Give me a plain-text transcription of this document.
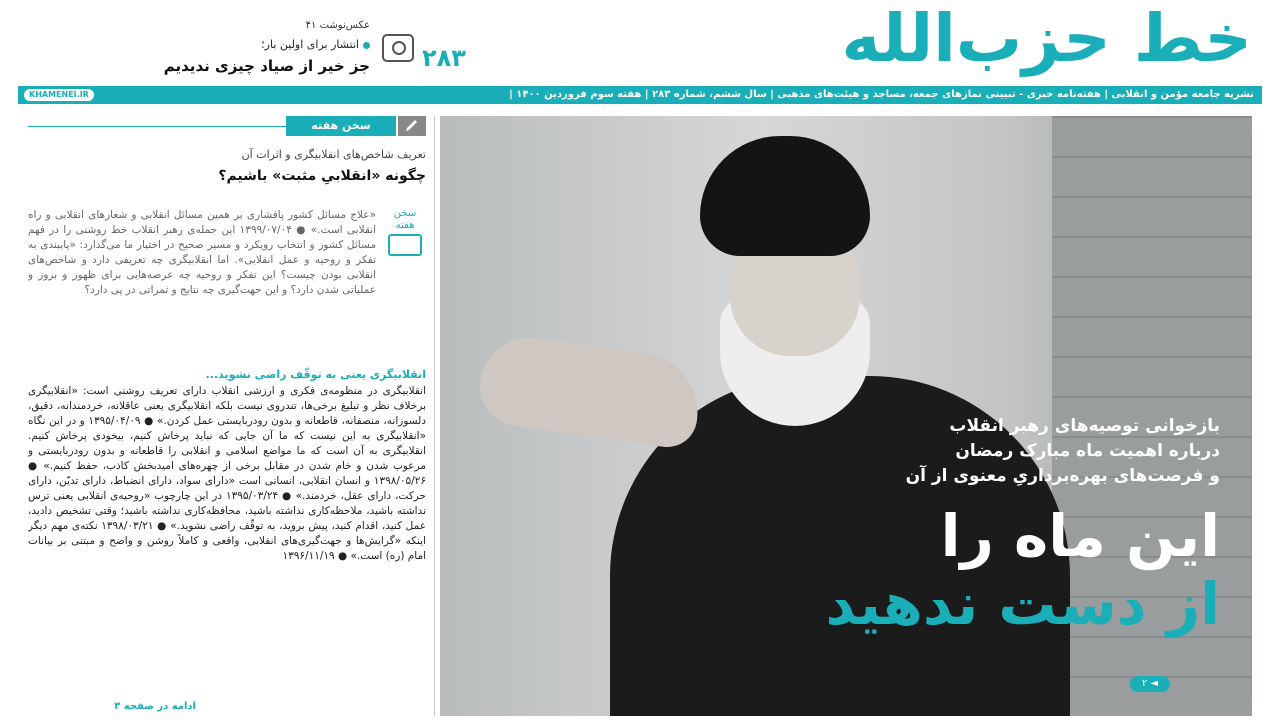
خط حزب‌الله
۲۸۳
عکس‌نوشت ۴۱
انتشار برای اولین بار؛
جز خیر از صیاد چیزی ندیدیم
نشریه جامعه مؤمن و انقلابی | هفته‌نامه خبری - تبیینی نمازهای جمعه، مساجد و هیئت‌های مذهبی | سال ششم، شماره ۲۸۳ | هفته سوم فروردین ۱۴۰۰ |
KHAMENEI.IR
سخن هفته
تعریف شاخص‌های انقلابیگری و اثرات آن
چگونه «انقلابیِ مثبت» باشیم؟
سخن هفته
«علاج مسائل کشور پافشاری بر همین مسائل انقلابی و شعارهای انقلابی و راه انقلابی است.» ● ۱۳۹۹/۰۷/۰۴ این جمله‌ی رهبر انقلاب خط روشنی را در فهم مسائل کشور و انتخاب رویکرد و مسیر صحیح در اختیار ما می‌گذارد: «پایبندی به تفکر و روحیه و عمل انقلابی». اما انقلابیگری چه تعریفی دارد و شاخص‌های انقلابی بودن چیست؟ این تفکر و روحیه چه عرصه‌هایی برای ظهور و بروز و عملیاتی شدن دارد؟ و این جهت‌گیری چه نتایج و ثمراتی در پی دارد؟
انقلابیگری یعنی به توقّف راضی نشوید...
انقلابیگری در منظومه‌ی فکری و ارزشی انقلاب دارای تعریف روشنی است: «انقلابیگری برخلاف نظر و تبلیغ برخی‌ها، تندروی نیست بلکه انقلابیگری یعنی عاقلانه، خردمندانه، دقیق، دلسوزانه، منصفانه، قاطعانه و بدون رودربایستی عمل کردن.» ● ۱۳۹۵/۰۴/۰۹ و در این نگاه «انقلابیگری به این نیست که ما آن جایی که نباید پرخاش کنیم، بیخودی پرخاش کنیم. انقلابیگری به آن است که ما مواضع اسلامی و انقلابی را قاطعانه و بدون رودربایستی و مرعوب شدن و خام شدن در مقابل برخی از چهره‌های امیدبخش کاذب، حفظ کنیم.» ● ۱۳۹۸/۰۵/۲۶ و انسان انقلابی، انسانی است «دارای سواد، دارای انضباط، دارای تدیّن، دارای حرکت، دارای عقل، خردمند.» ● ۱۳۹۵/۰۳/۲۴ در این چارچوب «روحیه‌ی انقلابی یعنی ترس نداشته باشید، ملاحظه‌کاری نداشته باشید، محافظه‌کاری نداشته باشید؛ وقتی تشخیص دادید، عمل کنید، اقدام کنید، پیش بروید، به توقّف راضی نشوید.» ● ۱۳۹۸/۰۳/۲۱ نکته‌ی مهم دیگر اینکه «گرایش‌ها و جهت‌گیری‌های انقلابی، واقعی و کاملاً روشن و واضح و مبتنی بر بیانات امام (ره) است.» ● ۱۳۹۶/۱۱/۱۹
ادامه در صفحه ۳
بازخوانی توصیه‌های رهبر انقلاب
درباره اهمیت ماه مبارک رمضان
و فرصت‌های بهره‌برداریِ معنوی از آن
این ماه را
از دست ندهید
۲ ◄
